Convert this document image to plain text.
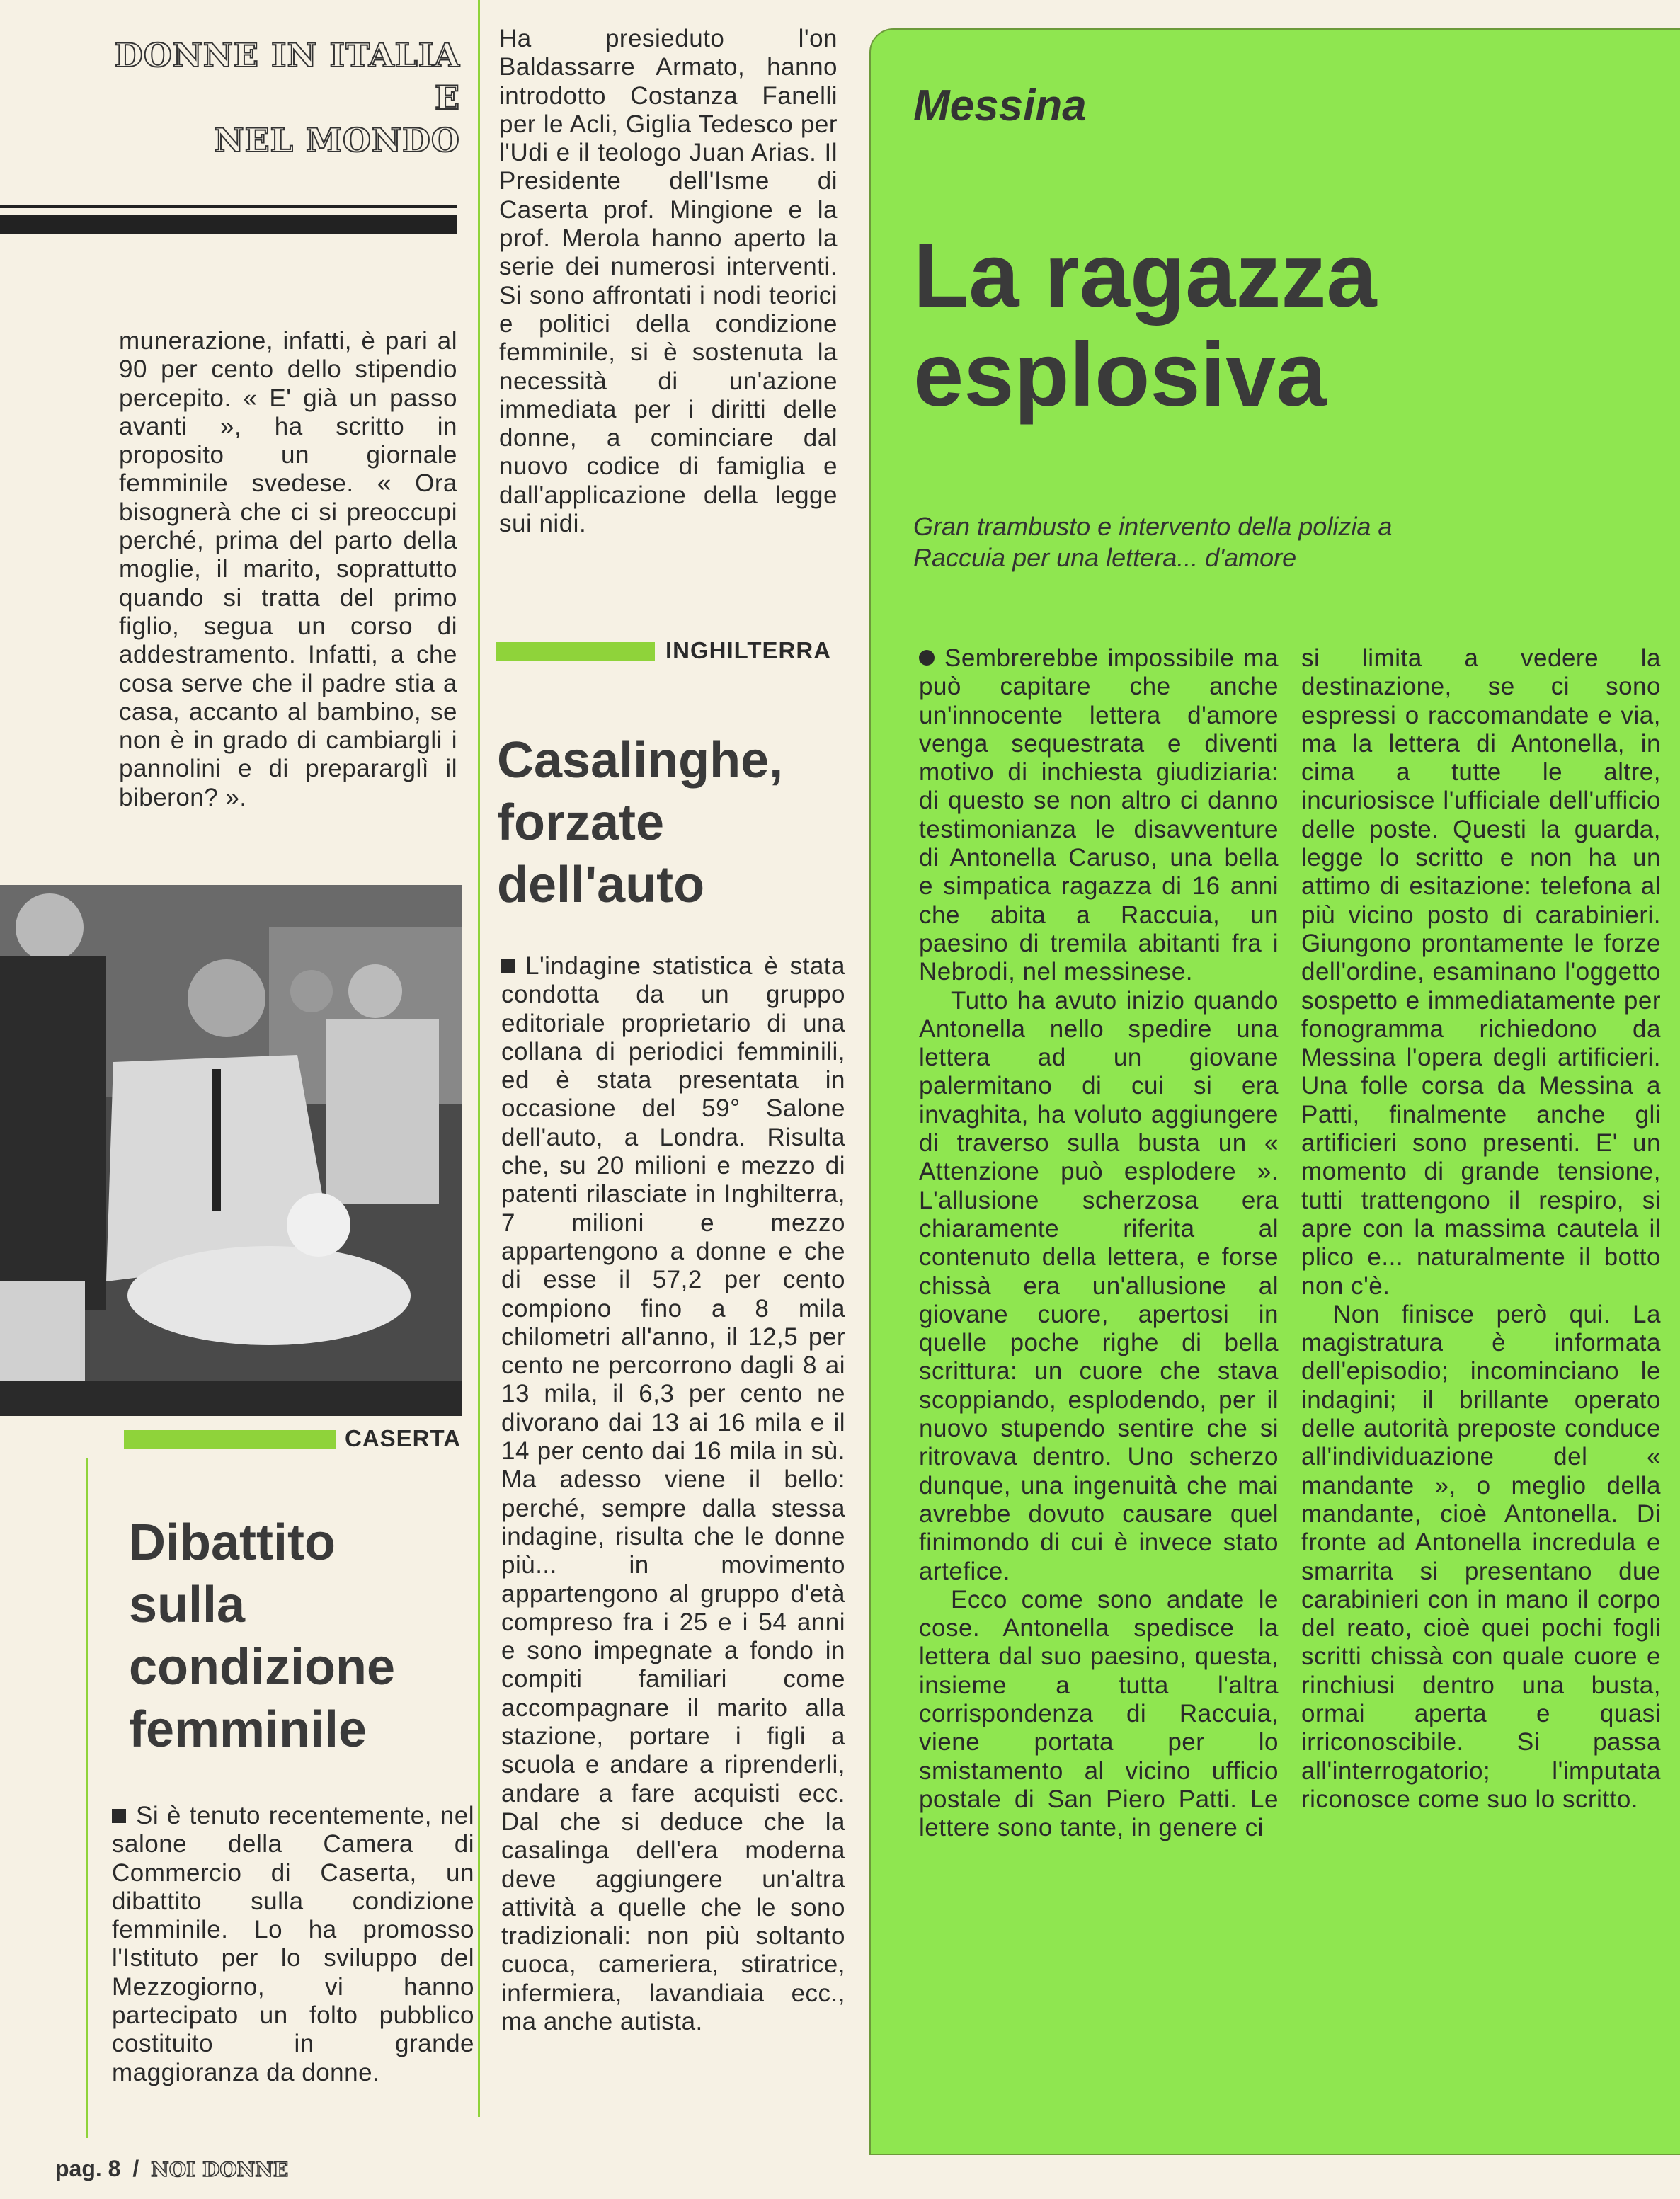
DONNE IN ITALIA
E
NEL MONDO

munerazione, infatti, è pari al 90 per cento dello stipendio percepito. « E' già un passo avanti », ha scritto in proposito un giornale femminile svedese. « Ora bisognerà che ci si preoccupi perché, prima del parto della moglie, il marito, soprattutto quando si tratta del primo figlio, segua un corso di addestramento. Infatti, a che cosa serve che il padre stia a casa, accanto al bambino, se non è in grado di cambiargli i pannolini e di prepararglì il biberon? ».

CASERTA
Dibattito sulla condizione femminile

Si è tenuto recentemente, nel salone della Camera di Commercio di Caserta, un dibattito sulla condizione femminile. Lo ha promosso l'Istituto per lo sviluppo del Mezzogiorno, vi hanno partecipato un folto pubblico costituito in grande maggioranza da donne.

Ha presieduto l'on Baldassarre Armato, hanno introdotto Costanza Fanelli per le Acli, Giglia Tedesco per l'Udi e il teologo Juan Arias. Il Presidente dell'Isme di Caserta prof. Mingione e la prof. Merola hanno aperto la serie dei numerosi interventi. Si sono affrontati i nodi teorici e politici della condizione femminile, si è sostenuta la necessità di un'azione immediata per i diritti delle donne, a cominciare dal nuovo codice di famiglia e dall'applicazione della legge sui nidi.

INGHILTERRA
Casalinghe, forzate dell'auto

L'indagine statistica è stata condotta da un gruppo editoriale proprietario di una collana di periodici femminili, ed è stata presentata in occasione del 59° Salone dell'auto, a Londra. Risulta che, su 20 milioni e mezzo di patenti rilasciate in Inghilterra, 7 milioni e mezzo appartengono a donne e che di esse il 57,2 per cento compiono fino a 8 mila chilometri all'anno, il 12,5 per cento ne percorrono dagli 8 ai 13 mila, il 6,3 per cento ne divorano dai 13 ai 16 mila e il 14 per cento dai 16 mila in sù. Ma adesso viene il bello: perché, sempre dalla stessa indagine, risulta che le donne più... in movimento appartengono al gruppo d'età compreso fra i 25 e i 54 anni e sono impegnate a fondo in compiti familiari come accompagnare il marito alla stazione, portare i figli a scuola e andare a riprenderli, andare a fare acquisti ecc. Dal che si deduce che la casalinga dell'era moderna deve aggiungere un'altra attività a quelle che le sono tradizionali: non più soltanto cuoca, cameriera, stiratrice, infermiera, lavandiaia ecc., ma anche autista.

Messina
La ragazza
esplosiva
Gran trambusto e intervento della polizia a Raccuia per una lettera... d'amore

Sembrerebbe impossibile ma può capitare che anche un'innocente lettera d'amore venga sequestrata e diventi motivo di inchiesta giudiziaria: di questo se non altro ci danno testimonianza le disavventure di Antonella Caruso, una bella e simpatica ragazza di 16 anni che abita a Raccuia, un paesino di tremila abitanti fra i Nebrodi, nel messinese.

Tutto ha avuto inizio quando Antonella nello spedire una lettera ad un giovane palermitano di cui si era invaghita, ha voluto aggiungere di traverso sulla busta un « Attenzione può esplodere ». L'allusione scherzosa era chiaramente riferita al contenuto della lettera, e forse chissà era un'allusione al giovane cuore, apertosi in quelle poche righe di bella scrittura: un cuore che stava scoppiando, esplodendo, per il nuovo stupendo sentire che si ritrovava dentro. Uno scherzo dunque, una ingenuità che mai avrebbe dovuto causare quel finimondo di cui è invece stato artefice.

Ecco come sono andate le cose. Antonella spedisce la lettera dal suo paesino, questa, insieme a tutta l'altra corrispondenza di Raccuia, viene portata per lo smistamento al vicino ufficio postale di San Piero Patti. Le lettere sono tante, in genere ci

si limita a vedere la destinazione, se ci sono espressi o raccomandate e via, ma la lettera di Antonella, in cima a tutte le altre, incuriosisce l'ufficiale dell'ufficio delle poste. Questi la guarda, legge lo scritto e non ha un attimo di esitazione: telefona al più vicino posto di carabinieri. Giungono prontamente le forze dell'ordine, esaminano l'oggetto sospetto e immediatamente per fonogramma richiedono da Messina l'opera degli artificieri. Una folle corsa da Messina a Patti, finalmente anche gli artificieri sono presenti. E' un momento di grande tensione, tutti trattengono il respiro, si apre con la massima cautela il plico e... naturalmente il botto non c'è.

Non finisce però qui. La magistratura è informata dell'episodio; incominciano le indagini; il brillante operato delle autorità preposte conduce all'individuazione del « mandante », o meglio della mandante, cioè Antonella. Di fronte ad Antonella incredula e smarrita si presentano due carabinieri con in mano il corpo del reato, cioè quei pochi fogli scritti chissà con quale cuore e rinchiusi dentro una busta, ormai aperta e quasi irriconoscibile. Si passa all'interrogatorio; l'imputata riconosce come suo lo scritto.

pag. 8 / NOI DONNE
